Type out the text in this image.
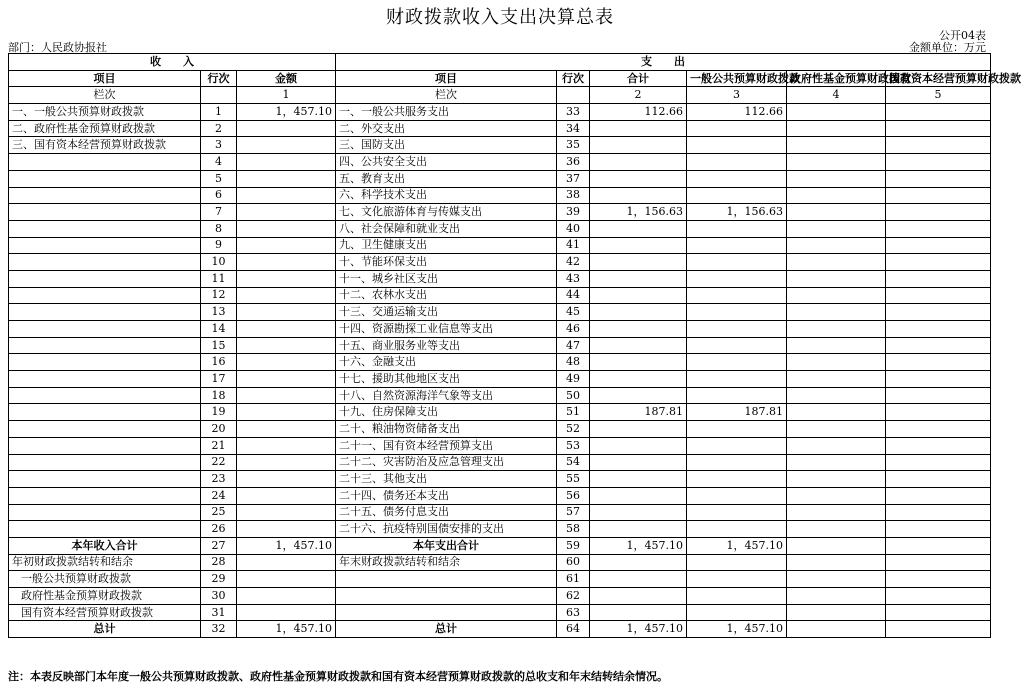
财政拨款收入支出决算总表
公开04表
部门：人民政协报社	金额单位：万元
收　　入			支　　出					
项目	行次	金额	项目	行次	合计	一般公共预算财政拨款	政府性基金预算财政拨款	国有资本经营预算财政拨款
栏次		1	栏次		2	3	4	5
一、一般公共预算财政拨款	1	1，457.10	一、一般公共服务支出	33	112.66	112.66		
二、政府性基金预算财政拨款	2		二、外交支出	34				
三、国有资本经营预算财政拨款	3		三、国防支出	35				
	4		四、公共安全支出	36				
	5		五、教育支出	37				
	6		六、科学技术支出	38				
	7		七、文化旅游体育与传媒支出	39	1，156.63	1，156.63		
	8		八、社会保障和就业支出	40				
	9		九、卫生健康支出	41				
	10		十、节能环保支出	42				
	11		十一、城乡社区支出	43				
	12		十二、农林水支出	44				
	13		十三、交通运输支出	45				
	14		十四、资源勘探工业信息等支出	46				
	15		十五、商业服务业等支出	47				
	16		十六、金融支出	48				
	17		十七、援助其他地区支出	49				
	18		十八、自然资源海洋气象等支出	50				
	19		十九、住房保障支出	51	187.81	187.81		
	20		二十、粮油物资储备支出	52				
	21		二十一、国有资本经营预算支出	53				
	22		二十二、灾害防治及应急管理支出	54				
	23		二十三、其他支出	55				
	24		二十四、债务还本支出	56				
	25		二十五、债务付息支出	57				
	26		二十六、抗疫特别国债安排的支出	58				
本年收入合计	27	1，457.10	本年支出合计	59	1，457.10	1，457.10		
年初财政拨款结转和结余	28		年末财政拨款结转和结余	60				
一般公共预算财政拨款	29			61				
政府性基金预算财政拨款	30			62				
国有资本经营预算财政拨款	31			63				
总计	32	1，457.10	总计	64	1，457.10	1，457.10		
注：本表反映部门本年度一般公共预算财政拨款、政府性基金预算财政拨款和国有资本经营预算财政拨款的总收支和年末结转结余情况。
